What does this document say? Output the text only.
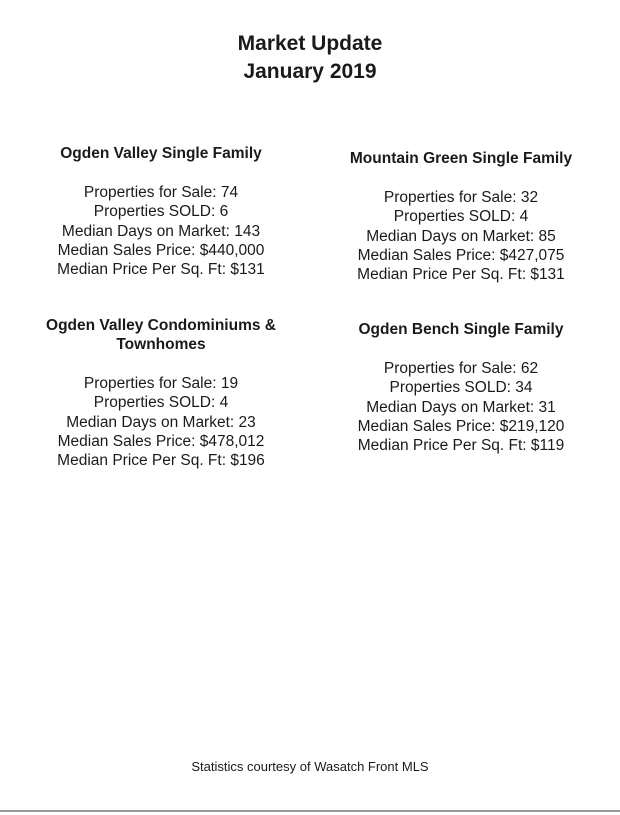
Market Update
January 2019
Ogden Valley Single Family
Properties for Sale: 74
Properties SOLD: 6
Median Days on Market: 143
Median Sales Price: $440,000
Median Price Per Sq. Ft: $131
Mountain Green Single Family
Properties for Sale: 32
Properties SOLD: 4
Median Days on Market: 85
Median Sales Price: $427,075
Median Price Per Sq. Ft: $131
Ogden Valley Condominiums &
Townhomes
Properties for Sale: 19
Properties SOLD: 4
Median Days on Market: 23
Median Sales Price: $478,012
Median Price Per Sq. Ft: $196
Ogden Bench Single Family
Properties for Sale: 62
Properties SOLD: 34
Median Days on Market: 31
Median Sales Price: $219,120
Median Price Per Sq. Ft: $119
Statistics courtesy of Wasatch Front MLS
